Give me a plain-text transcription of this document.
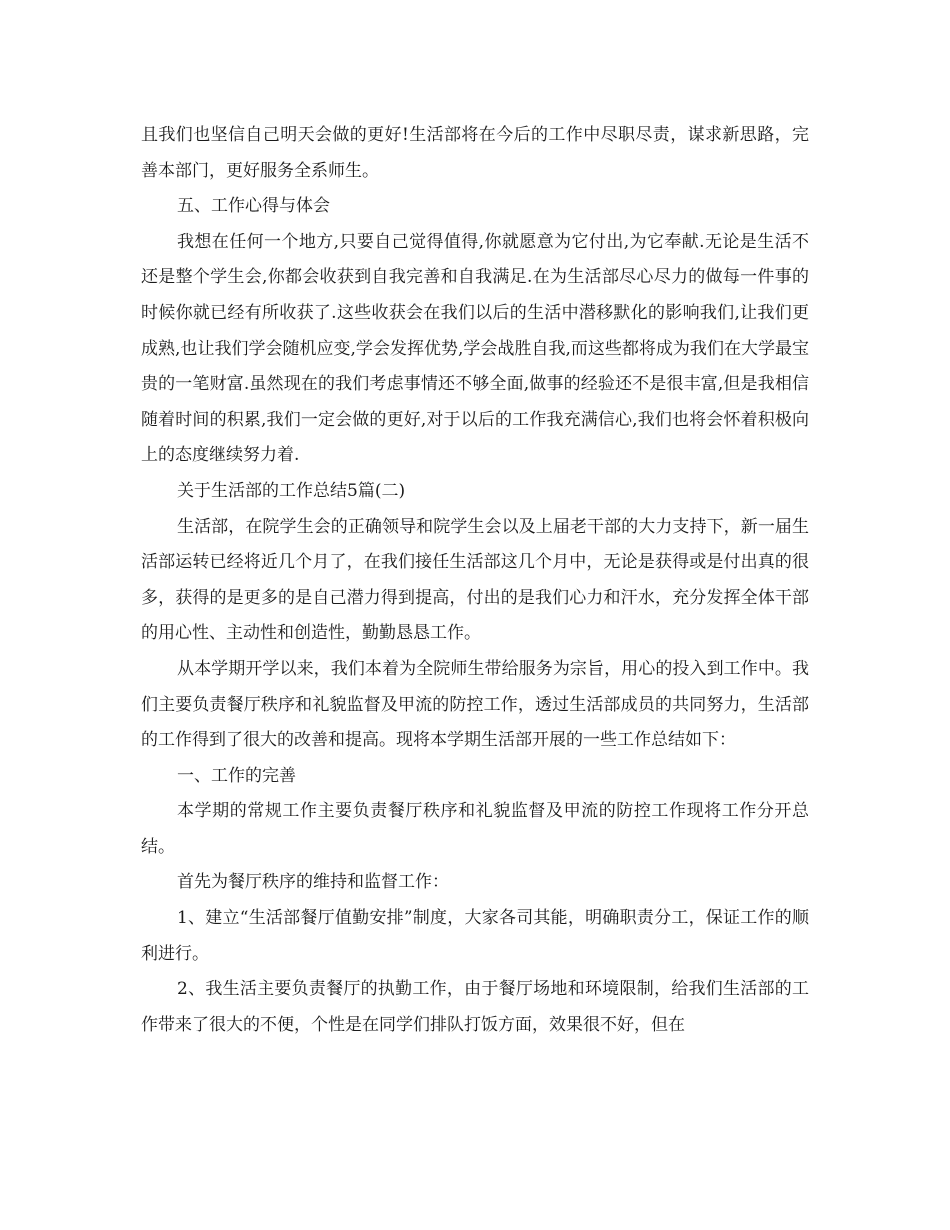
且我们也坚信自己明天会做的更好!生活部将在今后的工作中尽职尽责，谋求新思路，完善本部门，更好服务全系师生。

五、工作心得与体会

我想在任何一个地方,只要自己觉得值得,你就愿意为它付出,为它奉献.无论是生活不还是整个学生会,你都会收获到自我完善和自我满足.在为生活部尽心尽力的做每一件事的时候你就已经有所收获了.这些收获会在我们以后的生活中潜移默化的影响我们,让我们更成熟,也让我们学会随机应变,学会发挥优势,学会战胜自我,而这些都将成为我们在大学最宝贵的一笔财富.虽然现在的我们考虑事情还不够全面,做事的经验还不是很丰富,但是我相信随着时间的积累,我们一定会做的更好,对于以后的工作我充满信心,我们也将会怀着积极向上的态度继续努力着.

关于生活部的工作总结5篇(二)

生活部，在院学生会的正确领导和院学生会以及上届老干部的大力支持下，新一届生活部运转已经将近几个月了，在我们接任生活部这几个月中，无论是获得或是付出真的很多，获得的是更多的是自己潜力得到提高，付出的是我们心力和汗水，充分发挥全体干部的用心性、主动性和创造性，勤勤恳恳工作。

从本学期开学以来，我们本着为全院师生带给服务为宗旨，用心的投入到工作中。我们主要负责餐厅秩序和礼貌监督及甲流的防控工作，透过生活部成员的共同努力，生活部的工作得到了很大的改善和提高。现将本学期生活部开展的一些工作总结如下：

一、工作的完善

本学期的常规工作主要负责餐厅秩序和礼貌监督及甲流的防控工作现将工作分开总结。

首先为餐厅秩序的维持和监督工作：

1、建立“生活部餐厅值勤安排”制度，大家各司其能，明确职责分工，保证工作的顺利进行。

2、我生活主要负责餐厅的执勤工作，由于餐厅场地和环境限制，给我们生活部的工作带来了很大的不便，个性是在同学们排队打饭方面，效果很不好，但在
